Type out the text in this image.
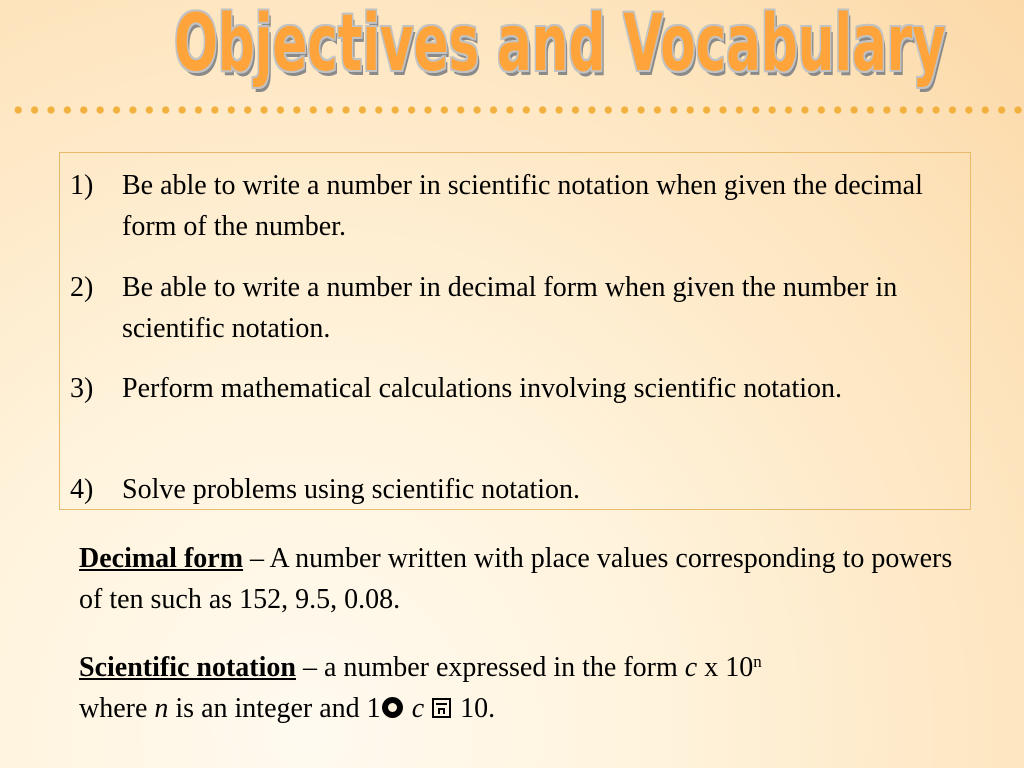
Objectives and Vocabulary
1) Be able to write a number in scientific notation when given the decimal form of the number.
2) Be able to write a number in decimal form when given the number in scientific notation.
3) Perform mathematical calculations involving scientific notation.
4) Solve problems using scientific notation.
Decimal form – A number written with place values corresponding to powers of ten such as 152, 9.5, 0.08.
Scientific notation – a number expressed in the form c x 10$^n$
where n is an integer and 1 c  10.
